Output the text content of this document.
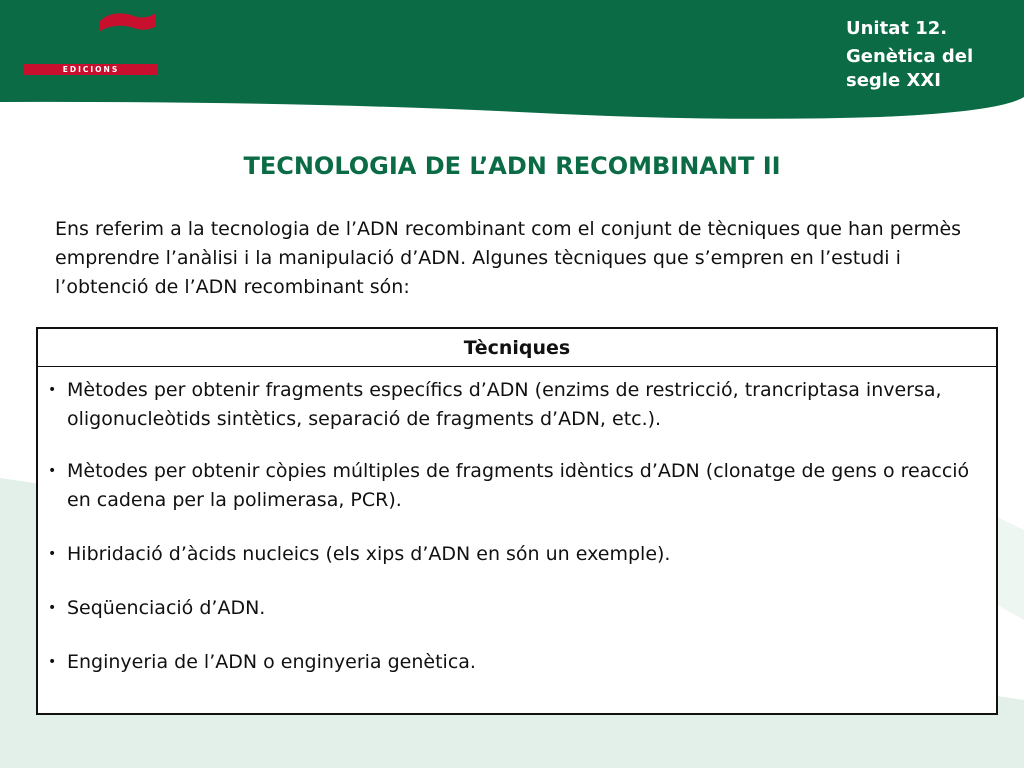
Castellnou
EDICIONS
Unitat 12.
Genètica del segle XXI
TECNOLOGIA DE L’ADN RECOMBINANT II
Ens referim a la tecnologia de l’ADN recombinant com el conjunt de tècniques que han permès emprendre l’anàlisi i la manipulació d’ADN. Algunes tècniques que s’empren en l’estudi i l’obtenció de l’ADN recombinant són:
Tècniques
• Mètodes per obtenir fragments específics d’ADN (enzims de restricció, trancriptasa inversa, oligonucleòtids sintètics, separació de fragments d’ADN, etc.).
• Mètodes per obtenir còpies múltiples de fragments idèntics d’ADN (clonatge de gens o reacció en cadena per la polimerasa, PCR).
• Hibridació d’àcids nucleics (els xips d’ADN en són un exemple).
• Seqüenciació d’ADN.
• Enginyeria de l’ADN o enginyeria genètica.
